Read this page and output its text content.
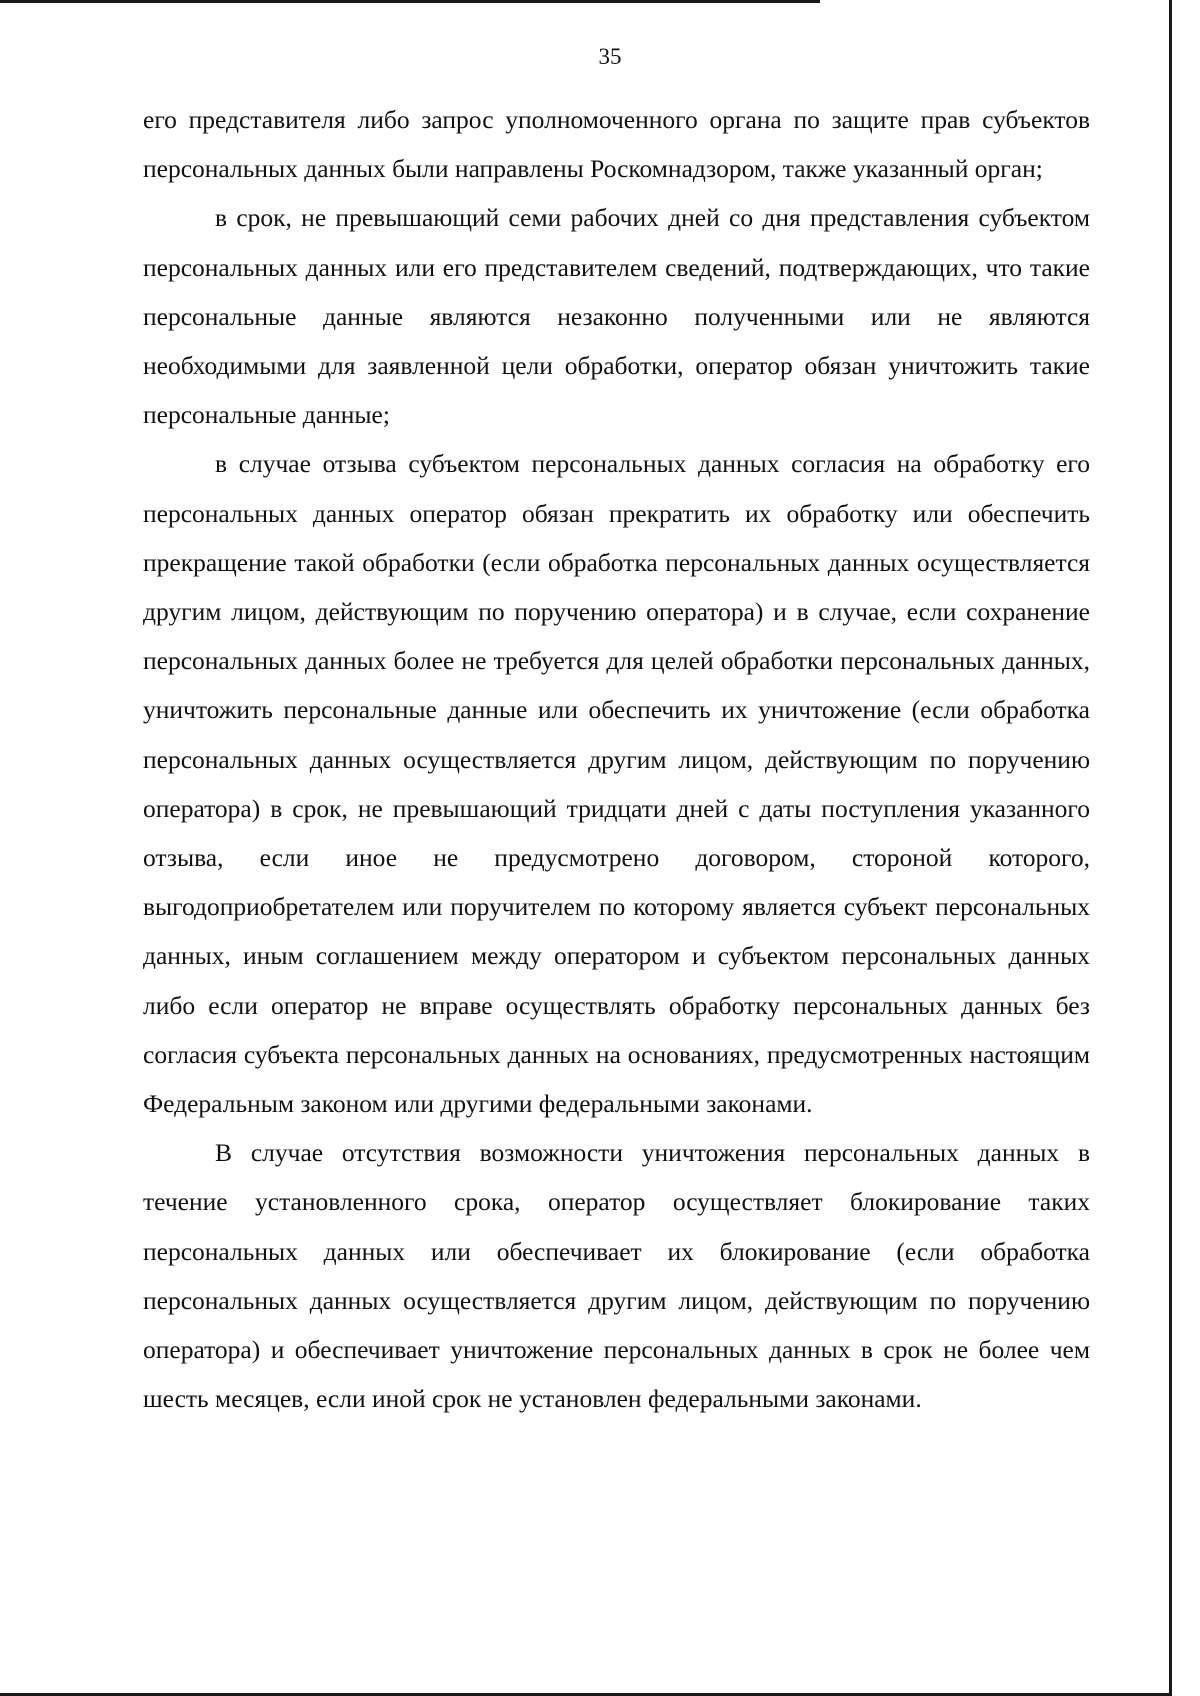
35

его представителя либо запрос уполномоченного органа по защите прав субъектов персональных данных были направлены Роскомнадзором, также указанный орган;

в срок, не превышающий семи рабочих дней со дня представления субъектом персональных данных или его представителем сведений, подтверждающих, что такие персональные данные являются незаконно полученными или не являются необходимыми для заявленной цели обработки, оператор обязан уничтожить такие персональные данные;

в случае отзыва субъектом персональных данных согласия на обработку его персональных данных оператор обязан прекратить их обработку или обеспечить прекращение такой обработки (если обработка персональных данных осуществляется другим лицом, действующим по поручению оператора) и в случае, если сохранение персональных данных более не требуется для целей обработки персональных данных, уничтожить персональные данные или обеспечить их уничтожение (если обработка персональных данных осуществляется другим лицом, действующим по поручению оператора) в срок, не превышающий тридцати дней с даты поступления указанного отзыва, если иное не предусмотрено договором, стороной которого, выгодоприобретателем или поручителем по которому является субъект персональных данных, иным соглашением между оператором и субъектом персональных данных либо если оператор не вправе осуществлять обработку персональных данных без согласия субъекта персональных данных на основаниях, предусмотренных настоящим Федеральным законом или другими федеральными законами.

В случае отсутствия возможности уничтожения персональных данных в течение установленного срока, оператор осуществляет блокирование таких персональных данных или обеспечивает их блокирование (если обработка персональных данных осуществляется другим лицом, действующим по поручению оператора) и обеспечивает уничтожение персональных данных в срок не более чем шесть месяцев, если иной срок не установлен федеральными законами.
